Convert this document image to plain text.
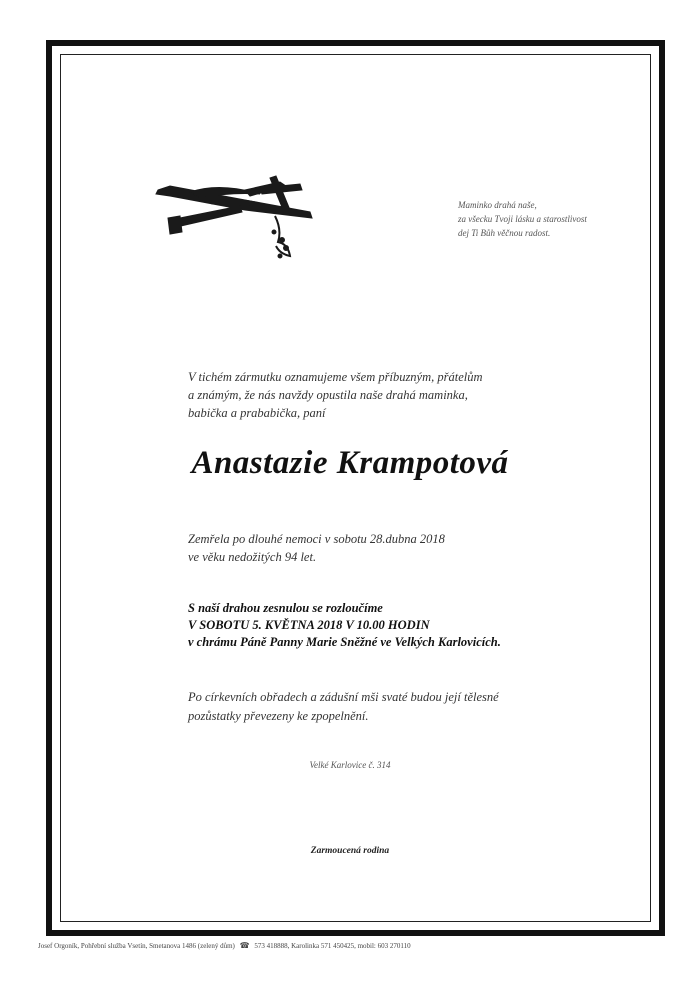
Maminko drahá naše,
za všecku Tvoji lásku a starostlivost
dej Ti Bůh věčnou radost.
V tichém zármutku oznamujeme všem příbuzným, přátelům
a známým, že nás navždy opustila naše drahá maminka,
babička a prababička, paní
Anastazie Krampotová
Zemřela po dlouhé nemoci v sobotu 28.dubna 2018
ve věku nedožitých 94 let.
S naší drahou zesnulou se rozloučíme
V SOBOTU 5. KVĚTNA 2018 V 10.00 HODIN
v chrámu Páně Panny Marie Sněžné ve Velkých Karlovicích.
Po církevních obřadech a zádušní mši svaté budou její tělesné
pozůstatky převezeny ke zpopelnění.
Velké Karlovice č. 314
Zarmoucená rodina
Josef Orgoník, Pohřební služba Vsetín, Smetanova 1486 (zelený dům) ☎ 573 418888, Karolinka 571 450425, mobil: 603 270110
